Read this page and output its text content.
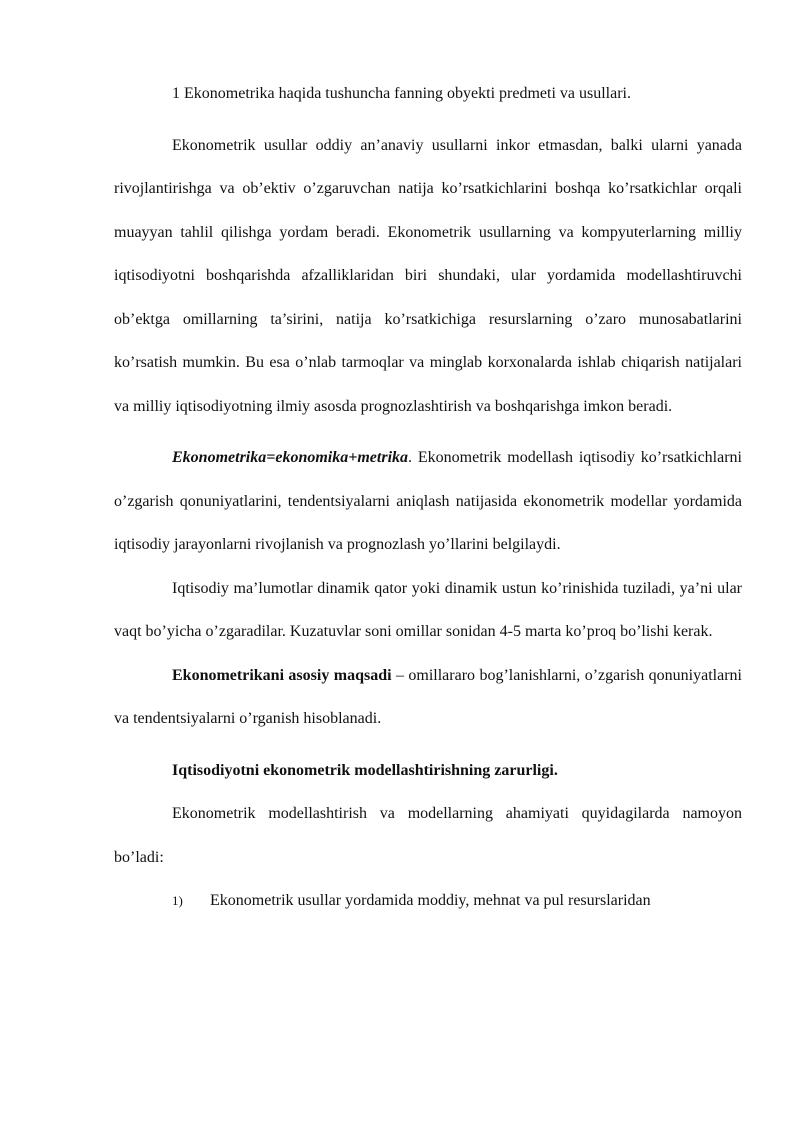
1 Ekonometrika haqida tushuncha fanning obyekti predmeti va usullari.

Ekonometrik usullar oddiy an’anaviy usullarni inkor etmasdan, balki ularni yanada rivojlantirishga va ob’ektiv o’zgaruvchan natija ko’rsatkichlarini boshqa ko’rsatkichlar orqali muayyan tahlil qilishga yordam beradi. Ekonometrik usullarning va kompyuterlarning milliy iqtisodiyotni boshqarishda afzalliklaridan biri shundaki, ular yordamida modellashtiruvchi ob’ektga omillarning ta’sirini, natija ko’rsatkichiga resurslarning o’zaro munosabatlarini ko’rsatish mumkin. Bu esa o’nlab tarmoqlar va minglab korxonalarda ishlab chiqarish natijalari va milliy iqtisodiyotning ilmiy asosda prognozlashtirish va boshqarishga imkon beradi.

Ekonometrika=ekonomika+metrika. Ekonometrik modellash iqtisodiy ko’rsatkichlarni o’zgarish qonuniyatlarini, tendentsiyalarni aniqlash natijasida ekonometrik modellar yordamida iqtisodiy jarayonlarni rivojlanish va prognozlash yo’llarini belgilaydi.

Iqtisodiy ma’lumotlar dinamik qator yoki dinamik ustun ko’rinishida tuziladi, ya’ni ular vaqt bo’yicha o’zgaradilar. Kuzatuvlar soni omillar sonidan 4-5 marta ko’proq bo’lishi kerak.

Ekonometrikani asosiy maqsadi – omillararo bog’lanishlarni, o’zgarish qonuniyatlarni va tendentsiyalarni o’rganish hisoblanadi.

Iqtisodiyotni ekonometrik modellashtirishning zarurligi.

Ekonometrik modellashtirish va modellarning ahamiyati quyidagilarda namoyon bo’ladi:

1) Ekonometrik usullar yordamida moddiy, mehnat va pul resurslaridan
